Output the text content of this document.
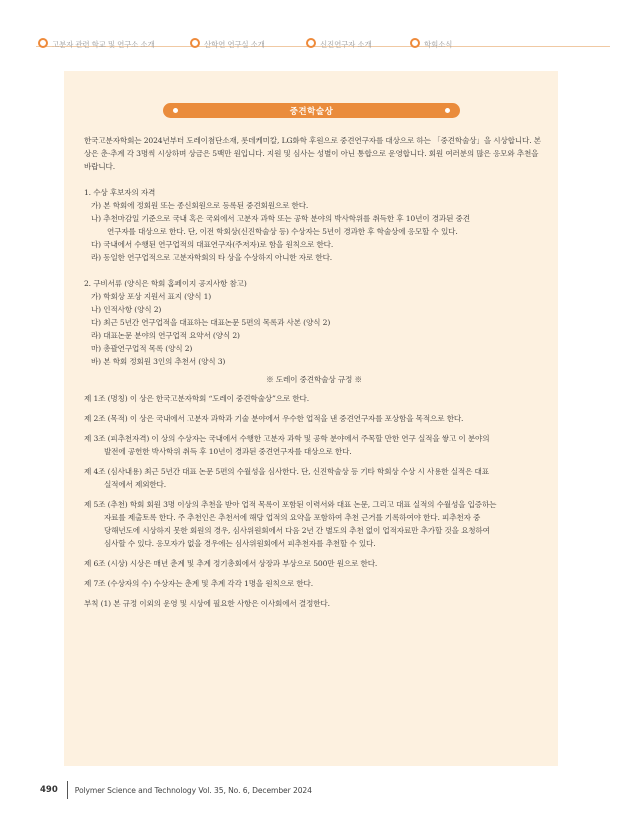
고분자 관련 학교 및 연구소 소개	산학연 연구실 소개	신진연구자 소개	학회소식
중견학술상

한국고분자학회는 2024년부터 도레이첨단소재, 롯데케미칼, LG화학 후원으로 중견연구자를 대상으로 하는 「중견학술상」을 시상합니다. 본 상은 춘·추계 각 3명씩 시상하며 상금은 5백만 원입니다. 지원 및 심사는 성별이 아닌 통합으로 운영합니다. 회원 여러분의 많은 응모와 추천을 바랍니다.

1. 수상 후보자의 자격

가) 본 학회에 정회원 또는 종신회원으로 등록된 중견회원으로 한다.

나) 추천마감일 기준으로 국내 혹은 국외에서 고분자 과학 또는 공학 분야의 박사학위를 취득한 후 10년이 경과된 중견
연구자를 대상으로 한다. 단, 이전 학회상(신진학술상 등) 수상자는 5년이 경과한 후 학술상에 응모할 수 있다.

다) 국내에서 수행된 연구업적의 대표연구자(주저자)로 함을 원칙으로 한다.

라) 동일한 연구업적으로 고분자학회의 타 상을 수상하지 아니한 자로 한다.

2. 구비서류 (양식은 학회 홈페이지 공지사항 참고)

가) 학회상 포상 지원서 표지 (양식 1)

나) 인적사항 (양식 2)

다) 최근 5년간 연구업적을 대표하는 대표논문 5편의 목록과 사본 (양식 2)

라) 대표논문 분야의 연구업적 요약서 (양식 2)

마) 총괄연구업적 목록 (양식 2)

바) 본 학회 정회원 3인의 추천서 (양식 3)

※ 도레이 중견학술상 규정 ※

제 1조 (명칭) 이 상은 한국고분자학회 “도레이 중견학술상”으로 한다.

제 2조 (목적) 이 상은 국내에서 고분자 과학과 기술 분야에서 우수한 업적을 낸 중견연구자를 포상함을 목적으로 한다.

제 3조 (피추천자격) 이 상의 수상자는 국내에서 수행한 고분자 과학 및 공학 분야에서 주목할 만한 연구 실적을 쌓고 이 분야의
발전에 공헌한 박사학위 취득 후 10년이 경과된 중견연구자를 대상으로 한다.

제 4조 (심사내용) 최근 5년간 대표 논문 5편의 수월성을 심사한다. 단, 신진학술상 등 기타 학회상 수상 시 사용한 실적은 대표
실적에서 제외한다.

제 5조 (추천) 학회 회원 3명 이상의 추천을 받아 업적 목록이 포함된 이력서와 대표 논문, 그리고 대표 실적의 수월성을 입증하는
자료를 제출토록 한다. 주 추천인은 추천서에 해당 업적의 요약을 포함하여 추천 근거를 기록하여야 한다. 피추천자 중
당해년도에 시상하지 못한 회원의 경우, 심사위원회에서 다음 2년 간 별도의 추천 없이 업적자료만 추가할 것을 요청하여
심사할 수 있다. 응모자가 없을 경우에는 심사위원회에서 피추천자를 추천할 수 있다.

제 6조 (시상) 시상은 매년 춘계 및 추계 정기총회에서 상장과 부상으로 500만 원으로 한다.

제 7조 (수상자의 수) 수상자는 춘계 및 추계 각각 1명을 원칙으로 한다.

부칙 (1) 본 규정 이외의 운영 및 시상에 필요한 사항은 이사회에서 결정한다.

490 Polymer Science and Technology Vol. 35, No. 6, December 2024
